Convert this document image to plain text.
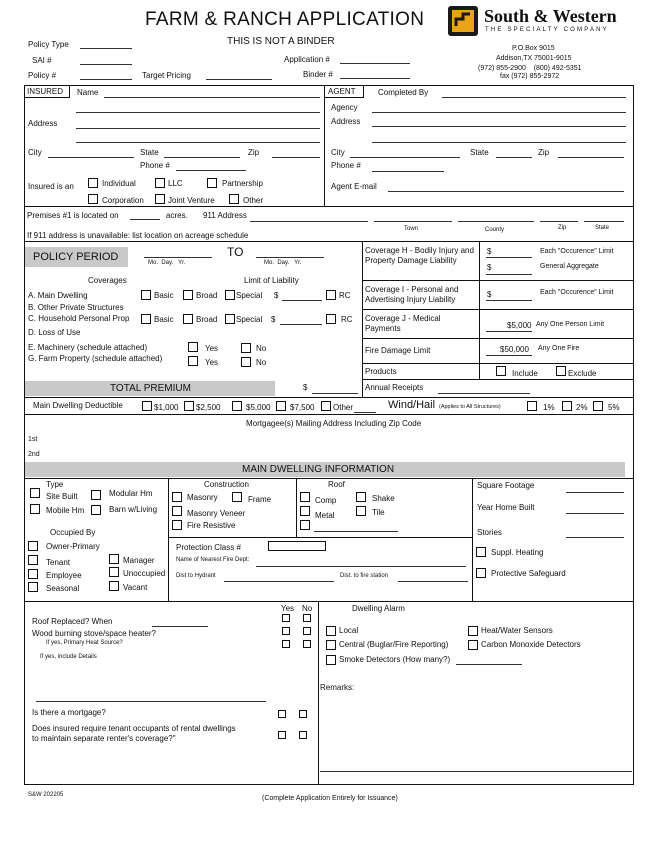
FARM & RANCH APPLICATION
THIS IS NOT A BINDER
Policy Type
SAI #
Policy #	Target Pricing
Application #
Binder #
South & Western
THE SPECIALTY COMPANY
P.O.Box 9015
Addison,TX 75001-9015
(972) 855-2900    (800) 492-5351
fax (972) 855-2972
INSURED Name
Address
City	State	Zip
Phone #
Insured is an	Individual	LLC	Partnership
Corporation	Joint Venture	Other
AGENT	Completed By
Agency
Address
City	State	Zip
Phone #
Agent E-mail
Premises #1 is located on	acres. 911 Address
Town	County	Zip	State
If 911 address is unavailable: list location on acreage schedule
POLICY PERIOD	Mo.  Day.   Yr.
TO
Mo.  Day.   Yr.
Coverages	Limit of Liability
A. Main Dwelling	Basic	Broad Special $	RC
B. Other Private Structures
C. Household Personal Prop	Basic	Broad Special $	RC
D. Loss of Use
E. Machinery (schedule attached)	Yes	No
G. Farm Property (schedule attached)	Yes	No
Coverage H - Bodily Injury and Property Damage Liability
$	Each "Occurence" Limit
$	General Aggregate
Coverage I - Personal and Advertising Injury Liability
$	Each "Occurence" Limit
Coverage J - Medical Payments	$5,000 Any One Person Limit
Fire Damage Limit	$50,000 Any One Fire
Products	Include	Exclude
TOTAL PREMIUM	$	Annual Receipts
Main Dwelling Deductible	$1,000 $2,500	$5,000 $7,500 Other	Wind/Hail (Applies to All Structures)	1%	2%	5%
Mortgagee(s) Mailing Address Including Zip Code
1st
2nd
MAIN DWELLING INFORMATION
Type
Site Built	Modular Hm
Mobile Hm	Barn w/Living
Occupied By
Owner-Primary
Tenant	Manager
Employee	Unoccupied
Seasonal	Vacant
Construction
Masonry	Frame
Masonry Veneer
Fire Resistive
Roof
Comp	Shake
Metal	Tile
Protection Class #
Name of Nearest Fire Dept:
Dist to Hydrant	Dist. to fire station
Square Footage
Year Home Built
Stories
Suppl. Heating
Protective Safeguard
Yes No
Roof Replaced? When
Wood burning stove/space heater?
If yes, Primary Heat Source?
If yes, include Details
Is there a mortgage?
Does insured require tenant occupants of rental dwellings
to maintain separate renter's coverage?"
Dwelling Alarm
Local	Heat/Water Sensors
Central (Buglar/Fire Reporting)	Carbon Monoxide Detectors
Smoke Detectors (How many?)
Remarks:
S&W 202205	(Complete Application Entirely for Issuance)
